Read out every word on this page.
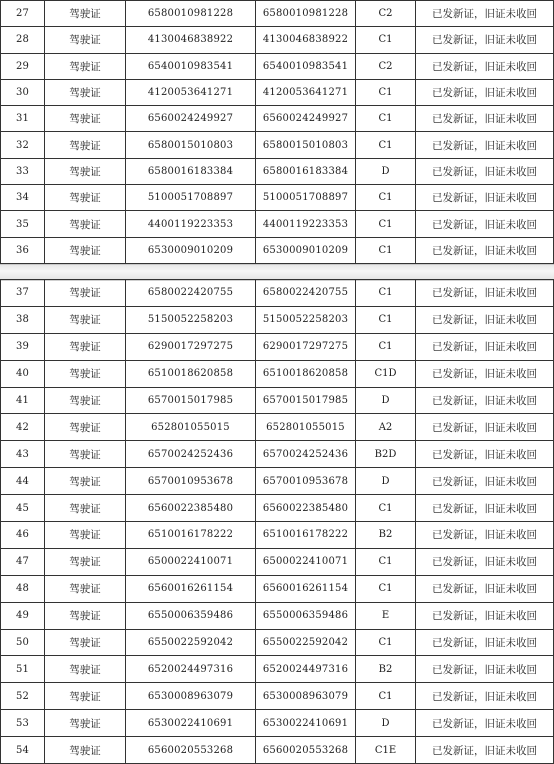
27	驾驶证	6580010981228	6580010981228	C2	已发新证，旧证未收回
28	驾驶证	4130046838922	4130046838922	C1	已发新证，旧证未收回
29	驾驶证	6540010983541	6540010983541	C2	已发新证，旧证未收回
30	驾驶证	4120053641271	4120053641271	C1	已发新证，旧证未收回
31	驾驶证	6560024249927	6560024249927	C1	已发新证，旧证未收回
32	驾驶证	6580015010803	6580015010803	C1	已发新证，旧证未收回
33	驾驶证	6580016183384	6580016183384	D	已发新证，旧证未收回
34	驾驶证	5100051708897	5100051708897	C1	已发新证，旧证未收回
35	驾驶证	4400119223353	4400119223353	C1	已发新证，旧证未收回
36	驾驶证	6530009010209	6530009010209	C1	已发新证，旧证未收回
37	驾驶证	6580022420755	6580022420755	C1	已发新证，旧证未收回
38	驾驶证	5150052258203	5150052258203	C1	已发新证，旧证未收回
39	驾驶证	6290017297275	6290017297275	C1	已发新证，旧证未收回
40	驾驶证	6510018620858	6510018620858	C1D	已发新证，旧证未收回
41	驾驶证	6570015017985	6570015017985	D	已发新证，旧证未收回
42	驾驶证	652801055015	652801055015	A2	已发新证，旧证未收回
43	驾驶证	6570024252436	6570024252436	B2D	已发新证，旧证未收回
44	驾驶证	6570010953678	6570010953678	D	已发新证，旧证未收回
45	驾驶证	6560022385480	6560022385480	C1	已发新证，旧证未收回
46	驾驶证	6510016178222	6510016178222	B2	已发新证，旧证未收回
47	驾驶证	6500022410071	6500022410071	C1	已发新证，旧证未收回
48	驾驶证	6560016261154	6560016261154	C1	已发新证，旧证未收回
49	驾驶证	6550006359486	6550006359486	E	已发新证，旧证未收回
50	驾驶证	6550022592042	6550022592042	C1	已发新证，旧证未收回
51	驾驶证	6520024497316	6520024497316	B2	已发新证，旧证未收回
52	驾驶证	6530008963079	6530008963079	C1	已发新证，旧证未收回
53	驾驶证	6530022410691	6530022410691	D	已发新证，旧证未收回
54	驾驶证	6560020553268	6560020553268	C1E	已发新证，旧证未收回
